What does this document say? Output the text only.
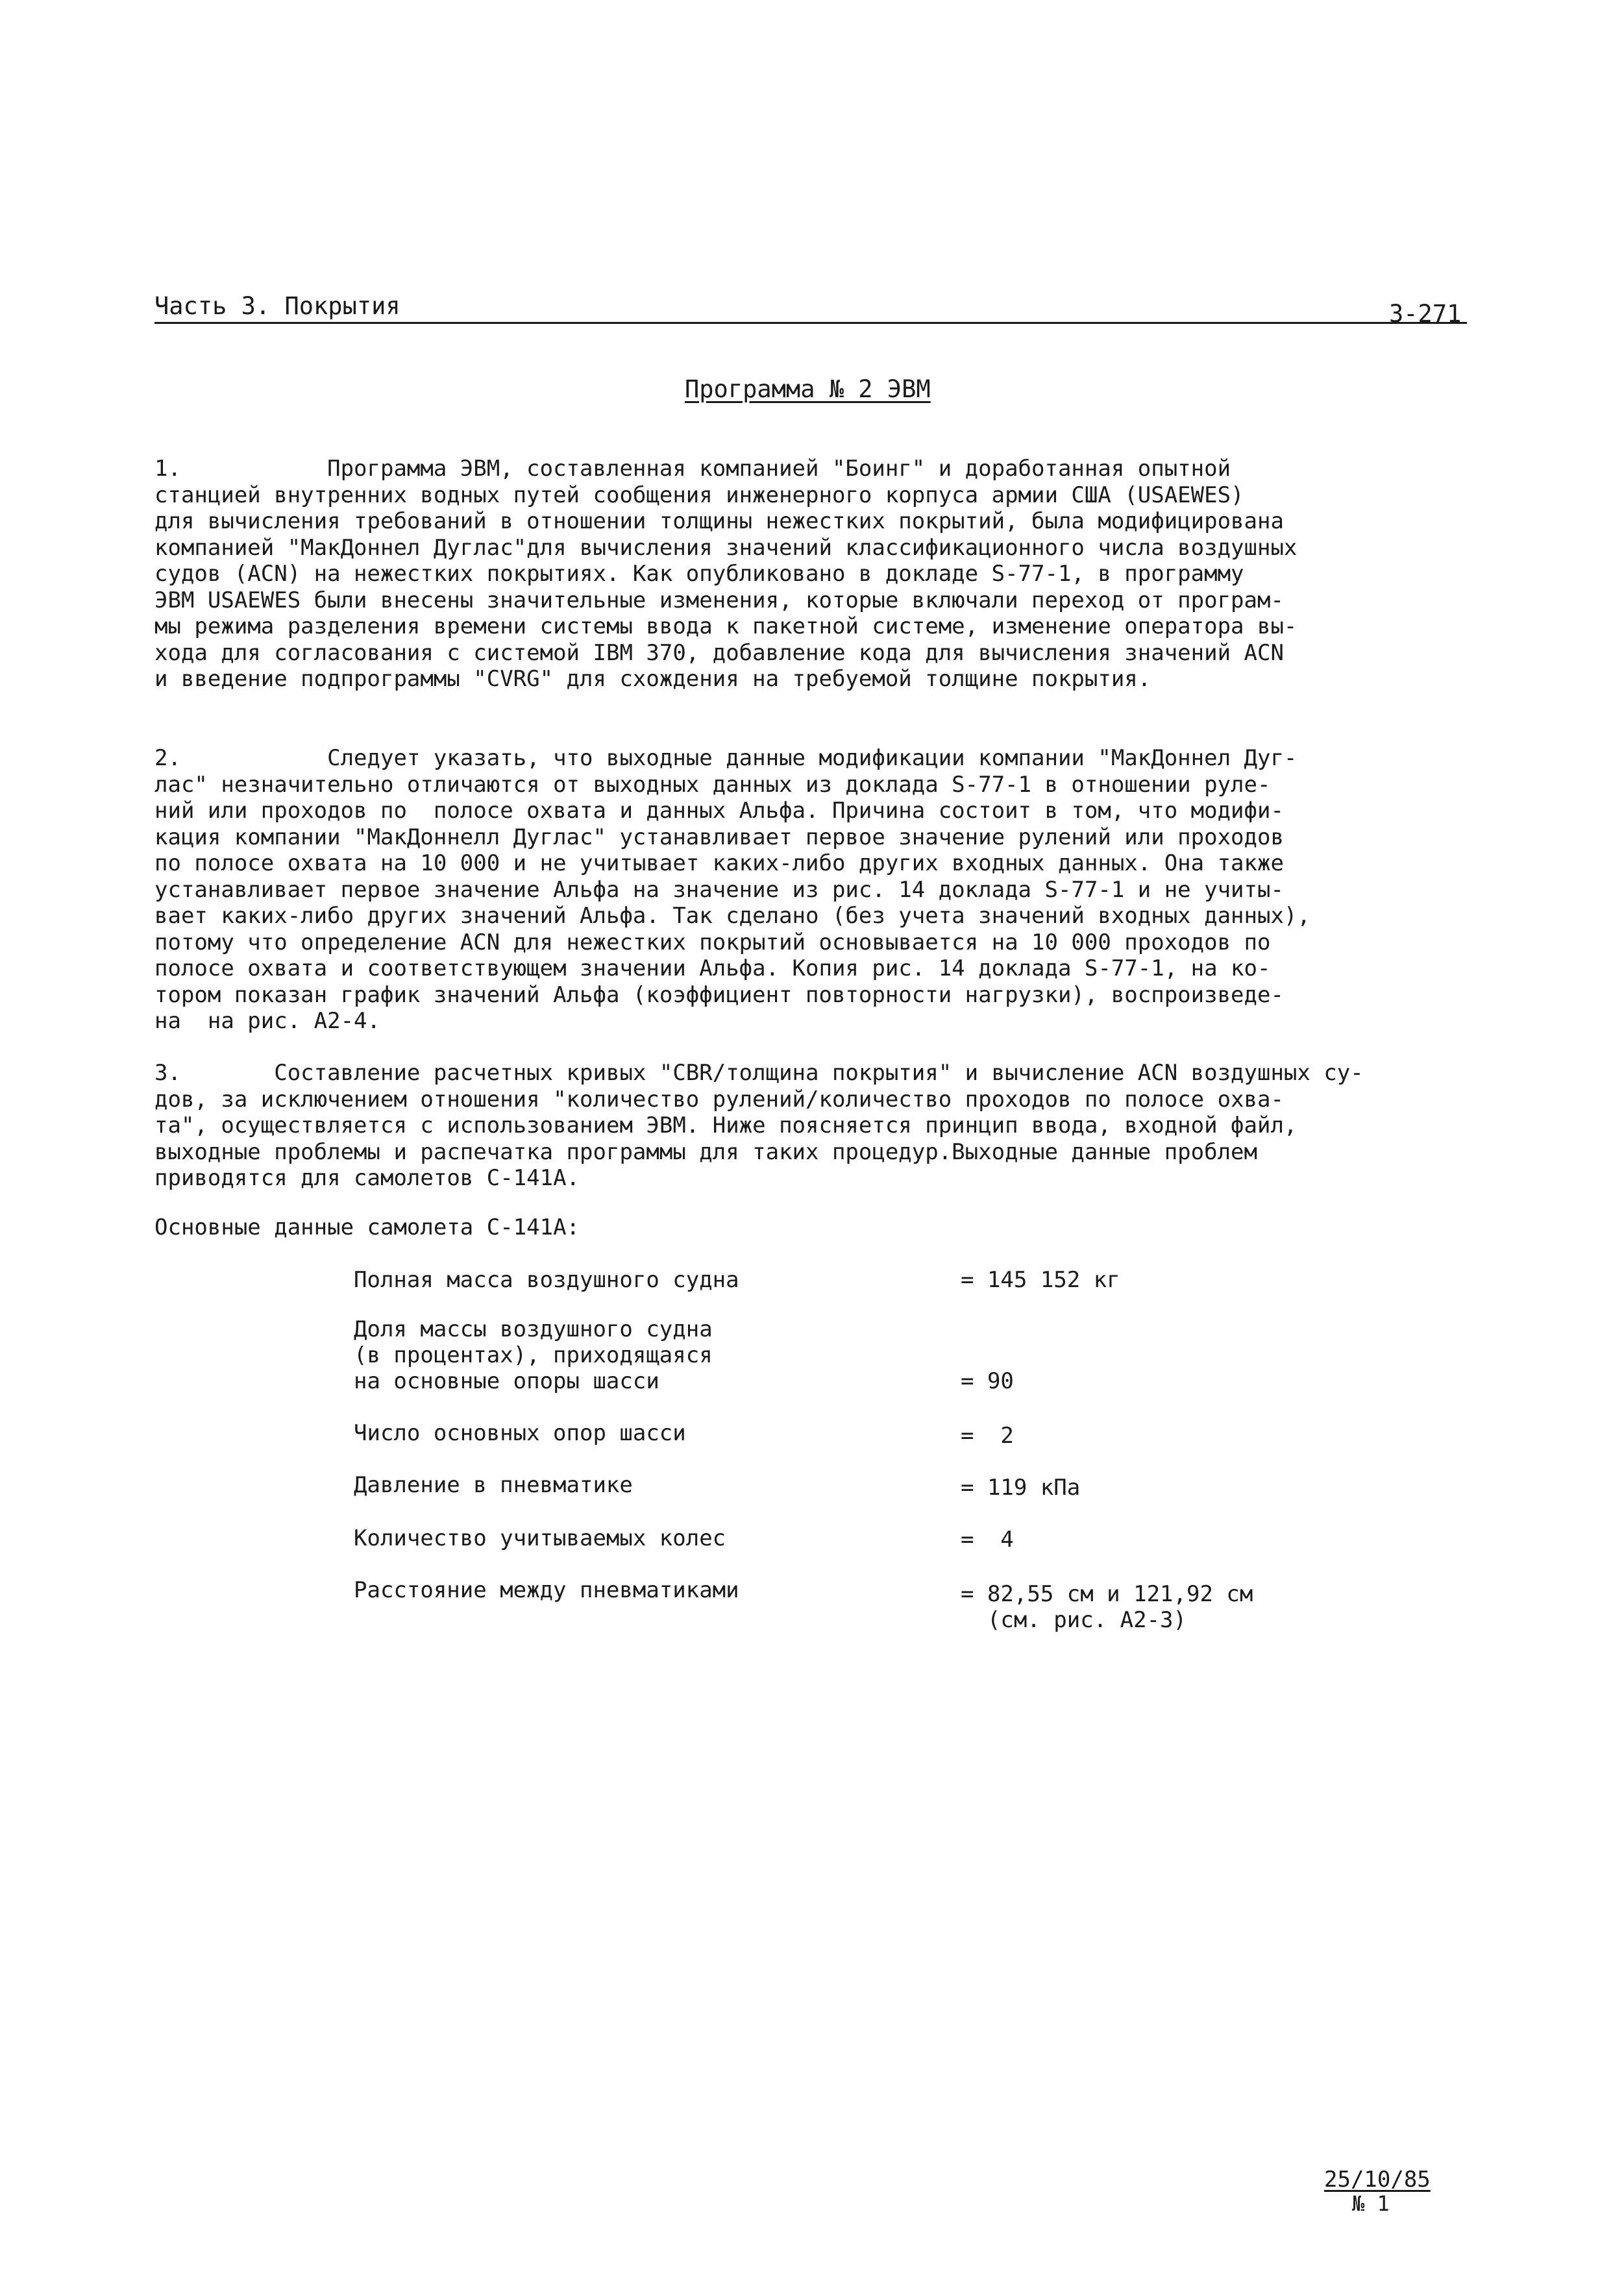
Часть 3. Покрытия	3-271
Программа № 2 ЭВМ

1.           Программа ЭВМ, составленная компанией "Боинг" и доработанная опытной
станцией внутренних водных путей сообщения инженерного корпуса армии США (USAEWES)
для вычисления требований в отношении толщины нежестких покрытий, была модифицирована
компанией "МакДоннел Дуглас"для вычисления значений классификационного числа воздушных
судов (ACN) на нежестких покрытиях. Как опубликовано в докладе S-77-1, в программу
ЭВМ USAEWES были внесены значительные изменения, которые включали переход от програм-
мы режима разделения времени системы ввода к пакетной системе, изменение оператора вы-
хода для согласования с системой IBM 370, добавление кода для вычисления значений ACN
и введение подпрограммы "CVRG" для схождения на требуемой толщине покрытия.

2.           Следует указать, что выходные данные модификации компании "МакДоннел Дуг-
лас" незначительно отличаются от выходных данных из доклада S-77-1 в отношении руле-
ний или проходов по  полосе охвата и данных Альфа. Причина состоит в том, что модифи-
кация компании "МакДоннелл Дуглас" устанавливает первое значение рулений или проходов
по полосе охвата на 10 000 и не учитывает каких-либо других входных данных. Она также
устанавливает первое значение Альфа на значение из рис. 14 доклада S-77-1 и не учиты-
вает каких-либо других значений Альфа. Так сделано (без учета значений входных данных),
потому что определение ACN для нежестких покрытий основывается на 10 000 проходов по
полосе охвата и соответствующем значении Альфа. Копия рис. 14 доклада S-77-1, на ко-
тором показан график значений Альфа (коэффициент повторности нагрузки), воспроизведе-
на  на рис. А2-4.

3.       Составление расчетных кривых "CBR/толщина покрытия" и вычисление ACN воздушных су-
дов, за исключением отношения "количество рулений/количество проходов по полосе охва-
та", осуществляется с использованием ЭВМ. Ниже поясняется принцип ввода, входной файл,
выходные проблемы и распечатка программы для таких процедур.Выходные данные проблем
приводятся для самолетов С-141А.

Основные данные самолета С-141А:
Полная масса воздушного судна	= 145 152 кг
Доля массы воздушного судна
(в процентах), приходящаяся
на основные опоры шасси	= 90
Число основных опор шасси	=  2
Давление в пневматике	= 119 кПа
Количество учитываемых колес	=  4
Расстояние между пневматиками	= 82,55 см и 121,92 см
(см. рис. А2-3)
25/10/85
№ 1
